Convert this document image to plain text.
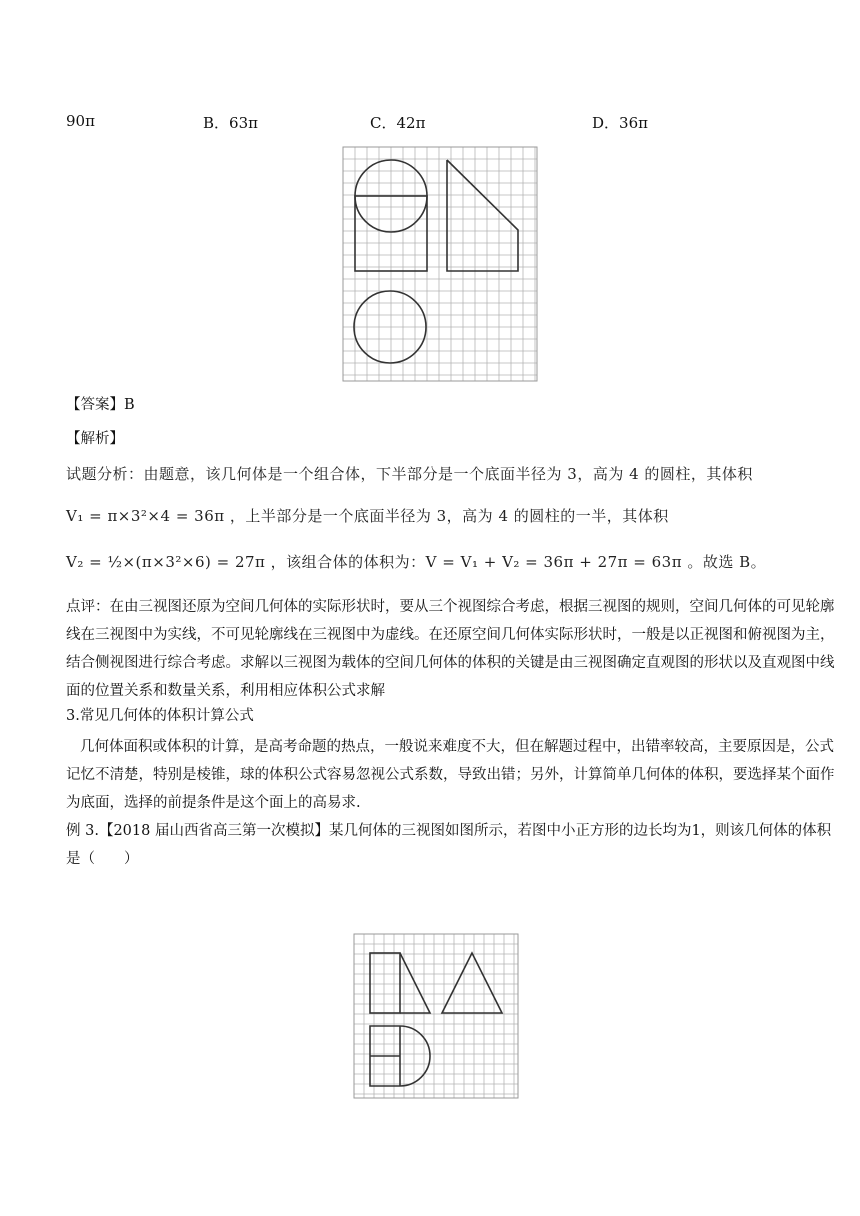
90π	B．63π	C．42π	D．36π
【答案】B
【解析】
试题分析：由题意，该几何体是一个组合体，下半部分是一个底面半径为 3，高为 4 的圆柱，其体积
V₁ = π×3²×4 = 36π ，上半部分是一个底面半径为 3，高为 4 的圆柱的一半，其体积
V₂ = ½×(π×3²×6) = 27π ，该组合体的体积为：V = V₁ + V₂ = 36π + 27π = 63π 。故选 B。
点评：在由三视图还原为空间几何体的实际形状时，要从三个视图综合考虑，根据三视图的规则，空间几何体的可见轮廓线在三视图中为实线，不可见轮廓线在三视图中为虚线。在还原空间几何体实际形状时，一般是以正视图和俯视图为主，结合侧视图进行综合考虑。求解以三视图为载体的空间几何体的体积的关键是由三视图确定直观图的形状以及直观图中线面的位置关系和数量关系，利用相应体积公式求解
3.常见几何体的体积计算公式
几何体面积或体积的计算，是高考命题的热点，一般说来难度不大，但在解题过程中，出错率较高，主要原因是，公式记忆不清楚，特别是棱锥，球的体积公式容易忽视公式系数，导致出错；另外，计算简单几何体的体积，要选择某个面作为底面，选择的前提条件是这个面上的高易求.
例 3.【2018 届山西省高三第一次模拟】某几何体的三视图如图所示，若图中小正方形的边长均为1，则该几何体的体积是（　　）
